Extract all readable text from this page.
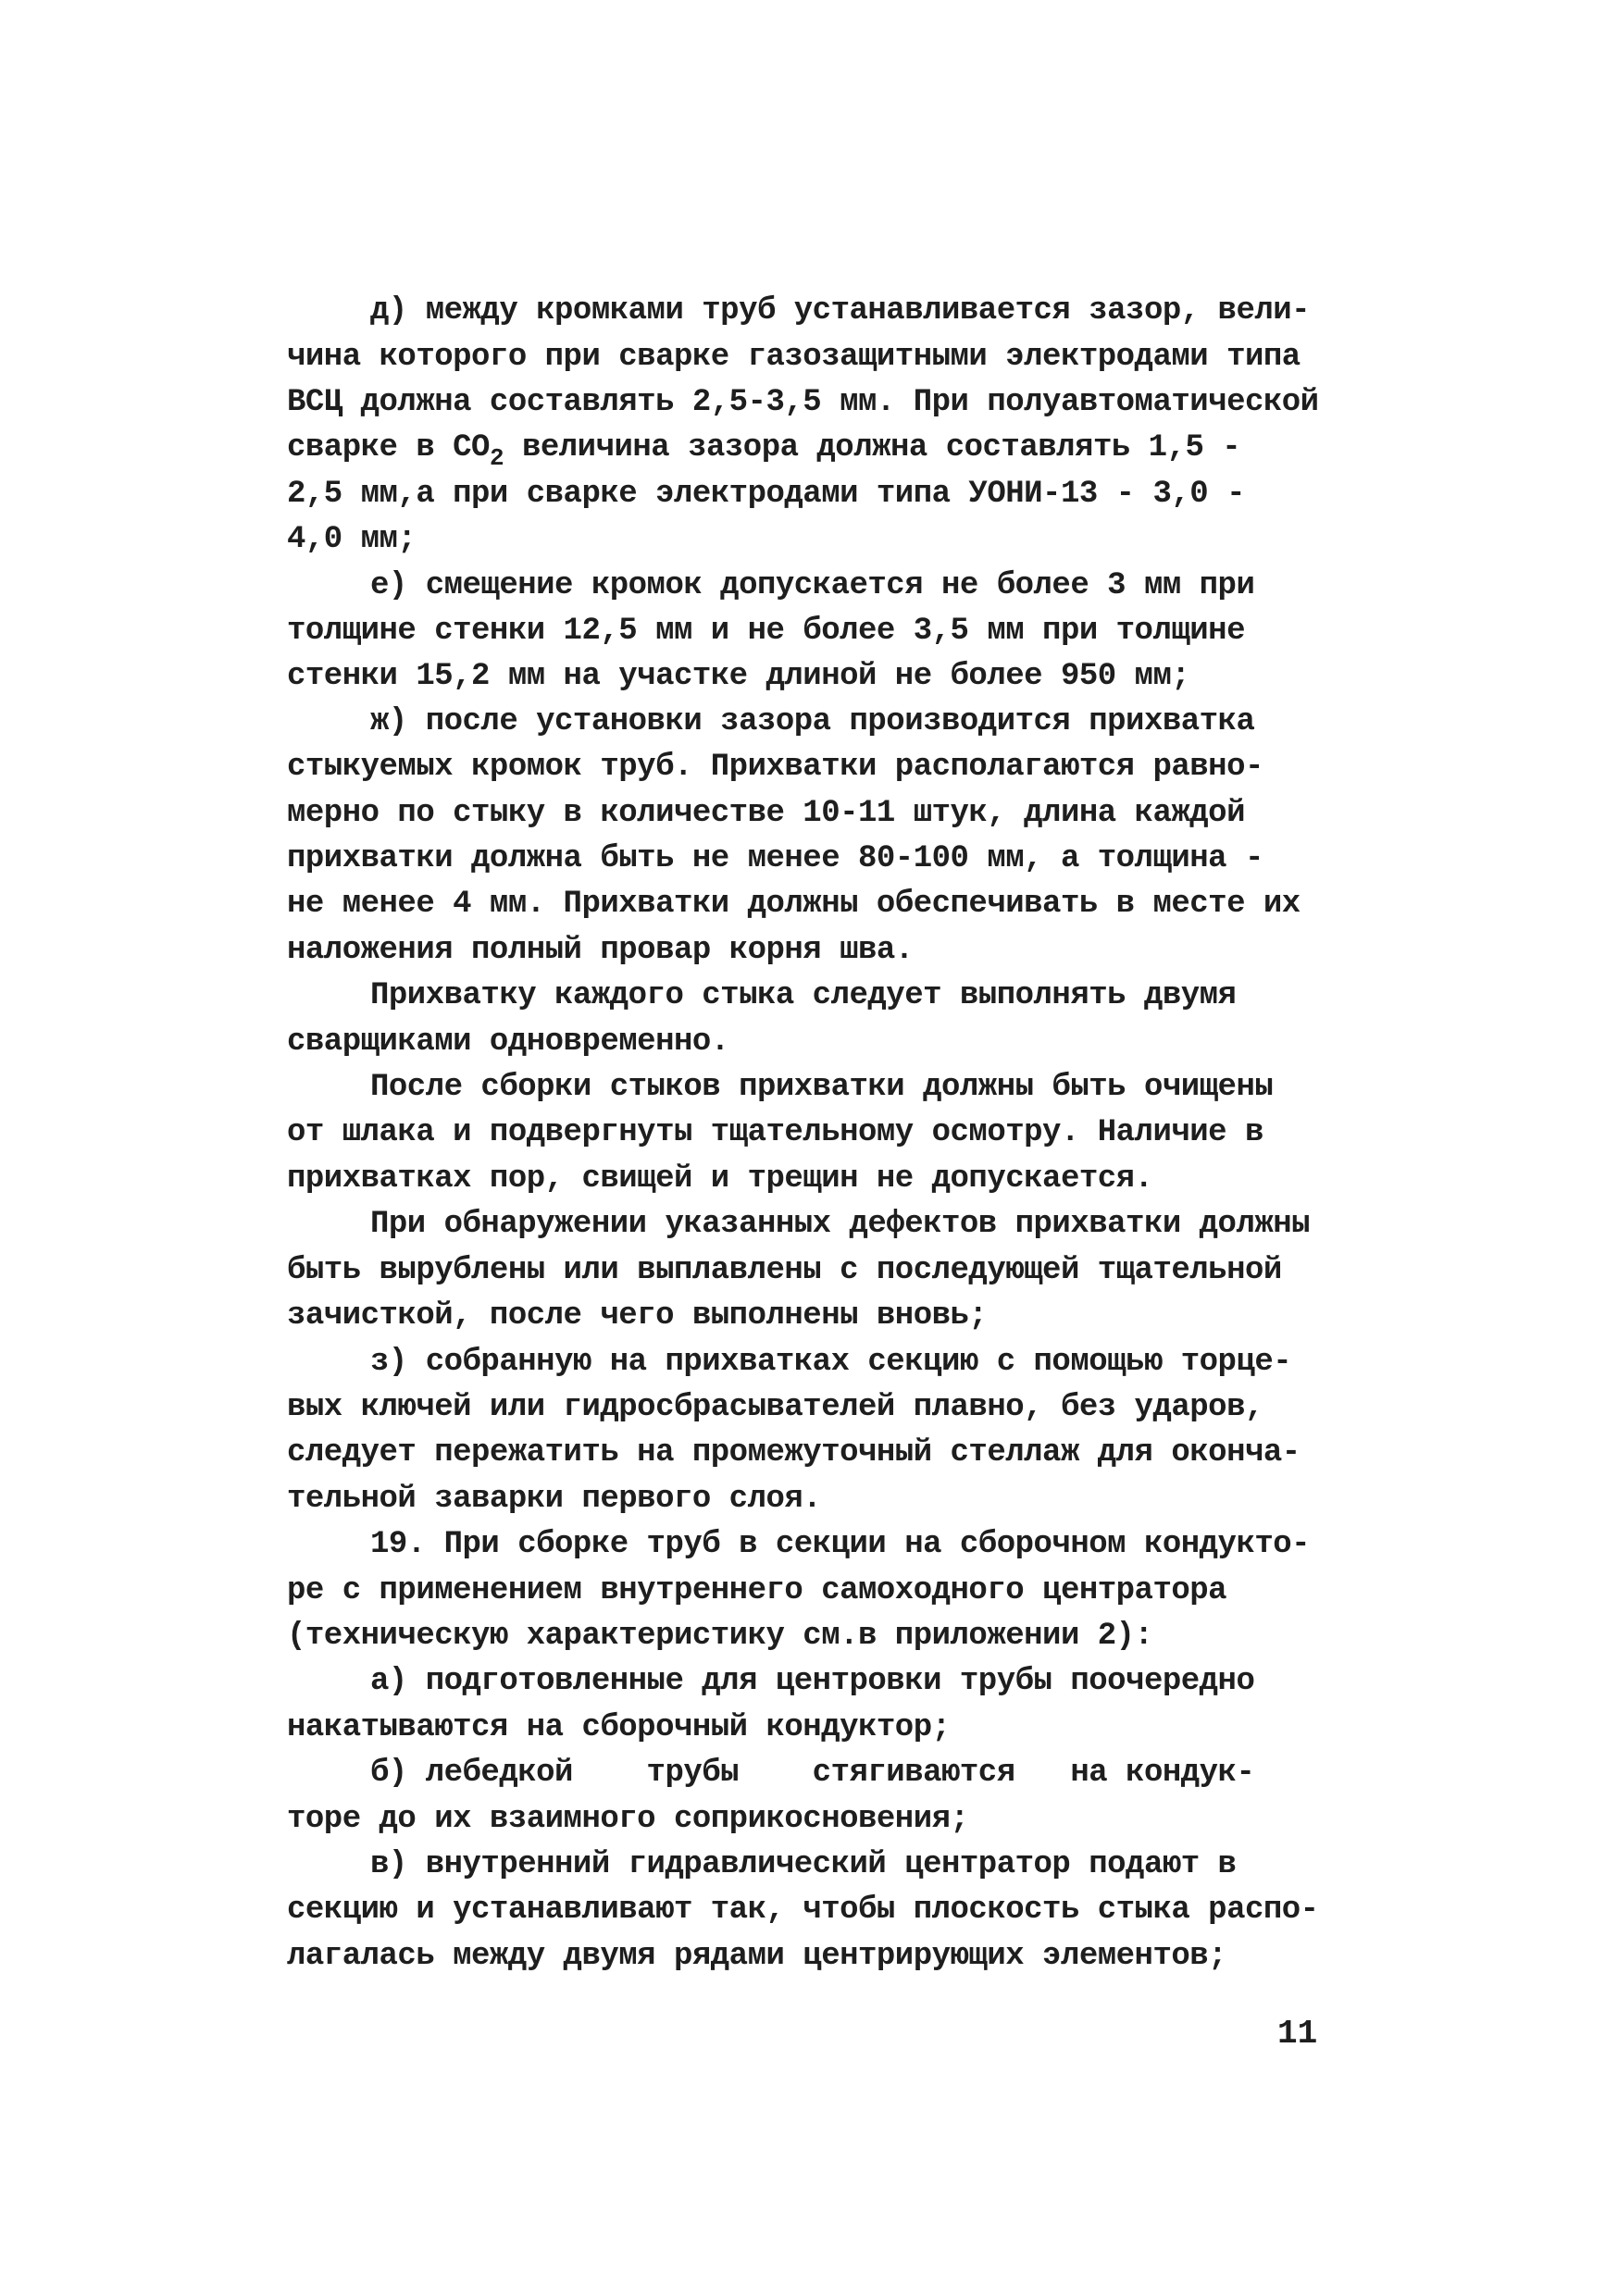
д) между кромками труб устанавливается зазор, вели-
чина которого при сварке газозащитными электродами типа
ВСЦ должна составлять 2,5-3,5 мм. При полуавтоматической
сварке в $СО_2$ величина зазора должна составлять 1,5 -
2,5 мм,а при сварке электродами типа УОНИ-13 - 3,0 -
4,0 мм;
е) смещение кромок допускается не более 3 мм при
толщине стенки 12,5 мм и не более 3,5 мм при толщине
стенки 15,2 мм на участке длиной не более 950 мм;
ж) после установки зазора производится прихватка
стыкуемых кромок труб. Прихватки располагаются равно-
мерно по стыку в количестве 10-11 штук, длина каждой
прихватки должна быть не менее 80-100 мм, а толщина -
не менее 4 мм. Прихватки должны обеспечивать в месте их
наложения полный провар корня шва.
Прихватку каждого стыка следует выполнять двумя
сварщиками одновременно.
После сборки стыков прихватки должны быть очищены
от шлака и подвергнуты тщательному осмотру. Наличие в
прихватках пор, свищей и трещин не допускается.
При обнаружении указанных дефектов прихватки должны
быть вырублены или выплавлены с последующей тщательной
зачисткой, после чего выполнены вновь;
з) собранную на прихватках секцию с помощью торце-
вых ключей или гидросбрасывателей плавно, без ударов,
следует пережатить на промежуточный стеллаж для оконча-
тельной заварки первого слоя.
19. При сборке труб в секции на сборочном кондукто-
ре с применением внутреннего самоходного центратора
(техническую характеристику см.в приложении 2):
а) подготовленные для центровки трубы поочередно
накатываются на сборочный кондуктор;
б) лебедкой    трубы    стягиваются   на кондук-
торе до их взаимного соприкосновения;
в) внутренний гидравлический центратор подают в
секцию и устанавливают так, чтобы плоскость стыка распо-
лагалась между двумя рядами центрирующих элементов;
11
